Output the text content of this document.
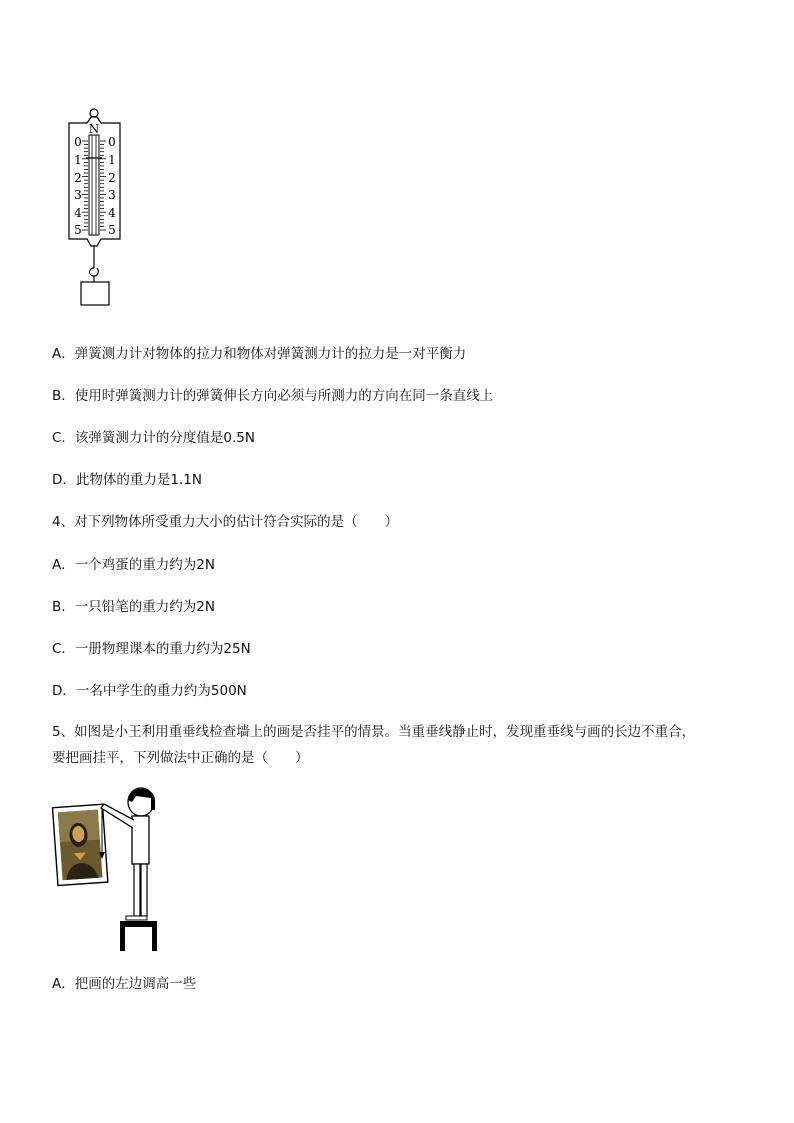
N
0
1
2
3
4
5
0
1
2
3
4
5
A．弹簧测力计对物体的拉力和物体对弹簧测力计的拉力是一对平衡力
B．使用时弹簧测力计的弹簧伸长方向必须与所测力的方向在同一条直线上
C．该弹簧测力计的分度值是0.5N
D．此物体的重力是1.1N
4、对下列物体所受重力大小的估计符合实际的是（　　）
A．一个鸡蛋的重力约为2N
B．一只铅笔的重力约为2N
C．一册物理课本的重力约为25N
D．一名中学生的重力约为500N
5、如图是小王利用重垂线检查墙上的画是否挂平的情景。当重垂线静止时，发现重垂线与画的长边不重合，
要把画挂平，下列做法中正确的是（　　）
A．把画的左边调高一些
